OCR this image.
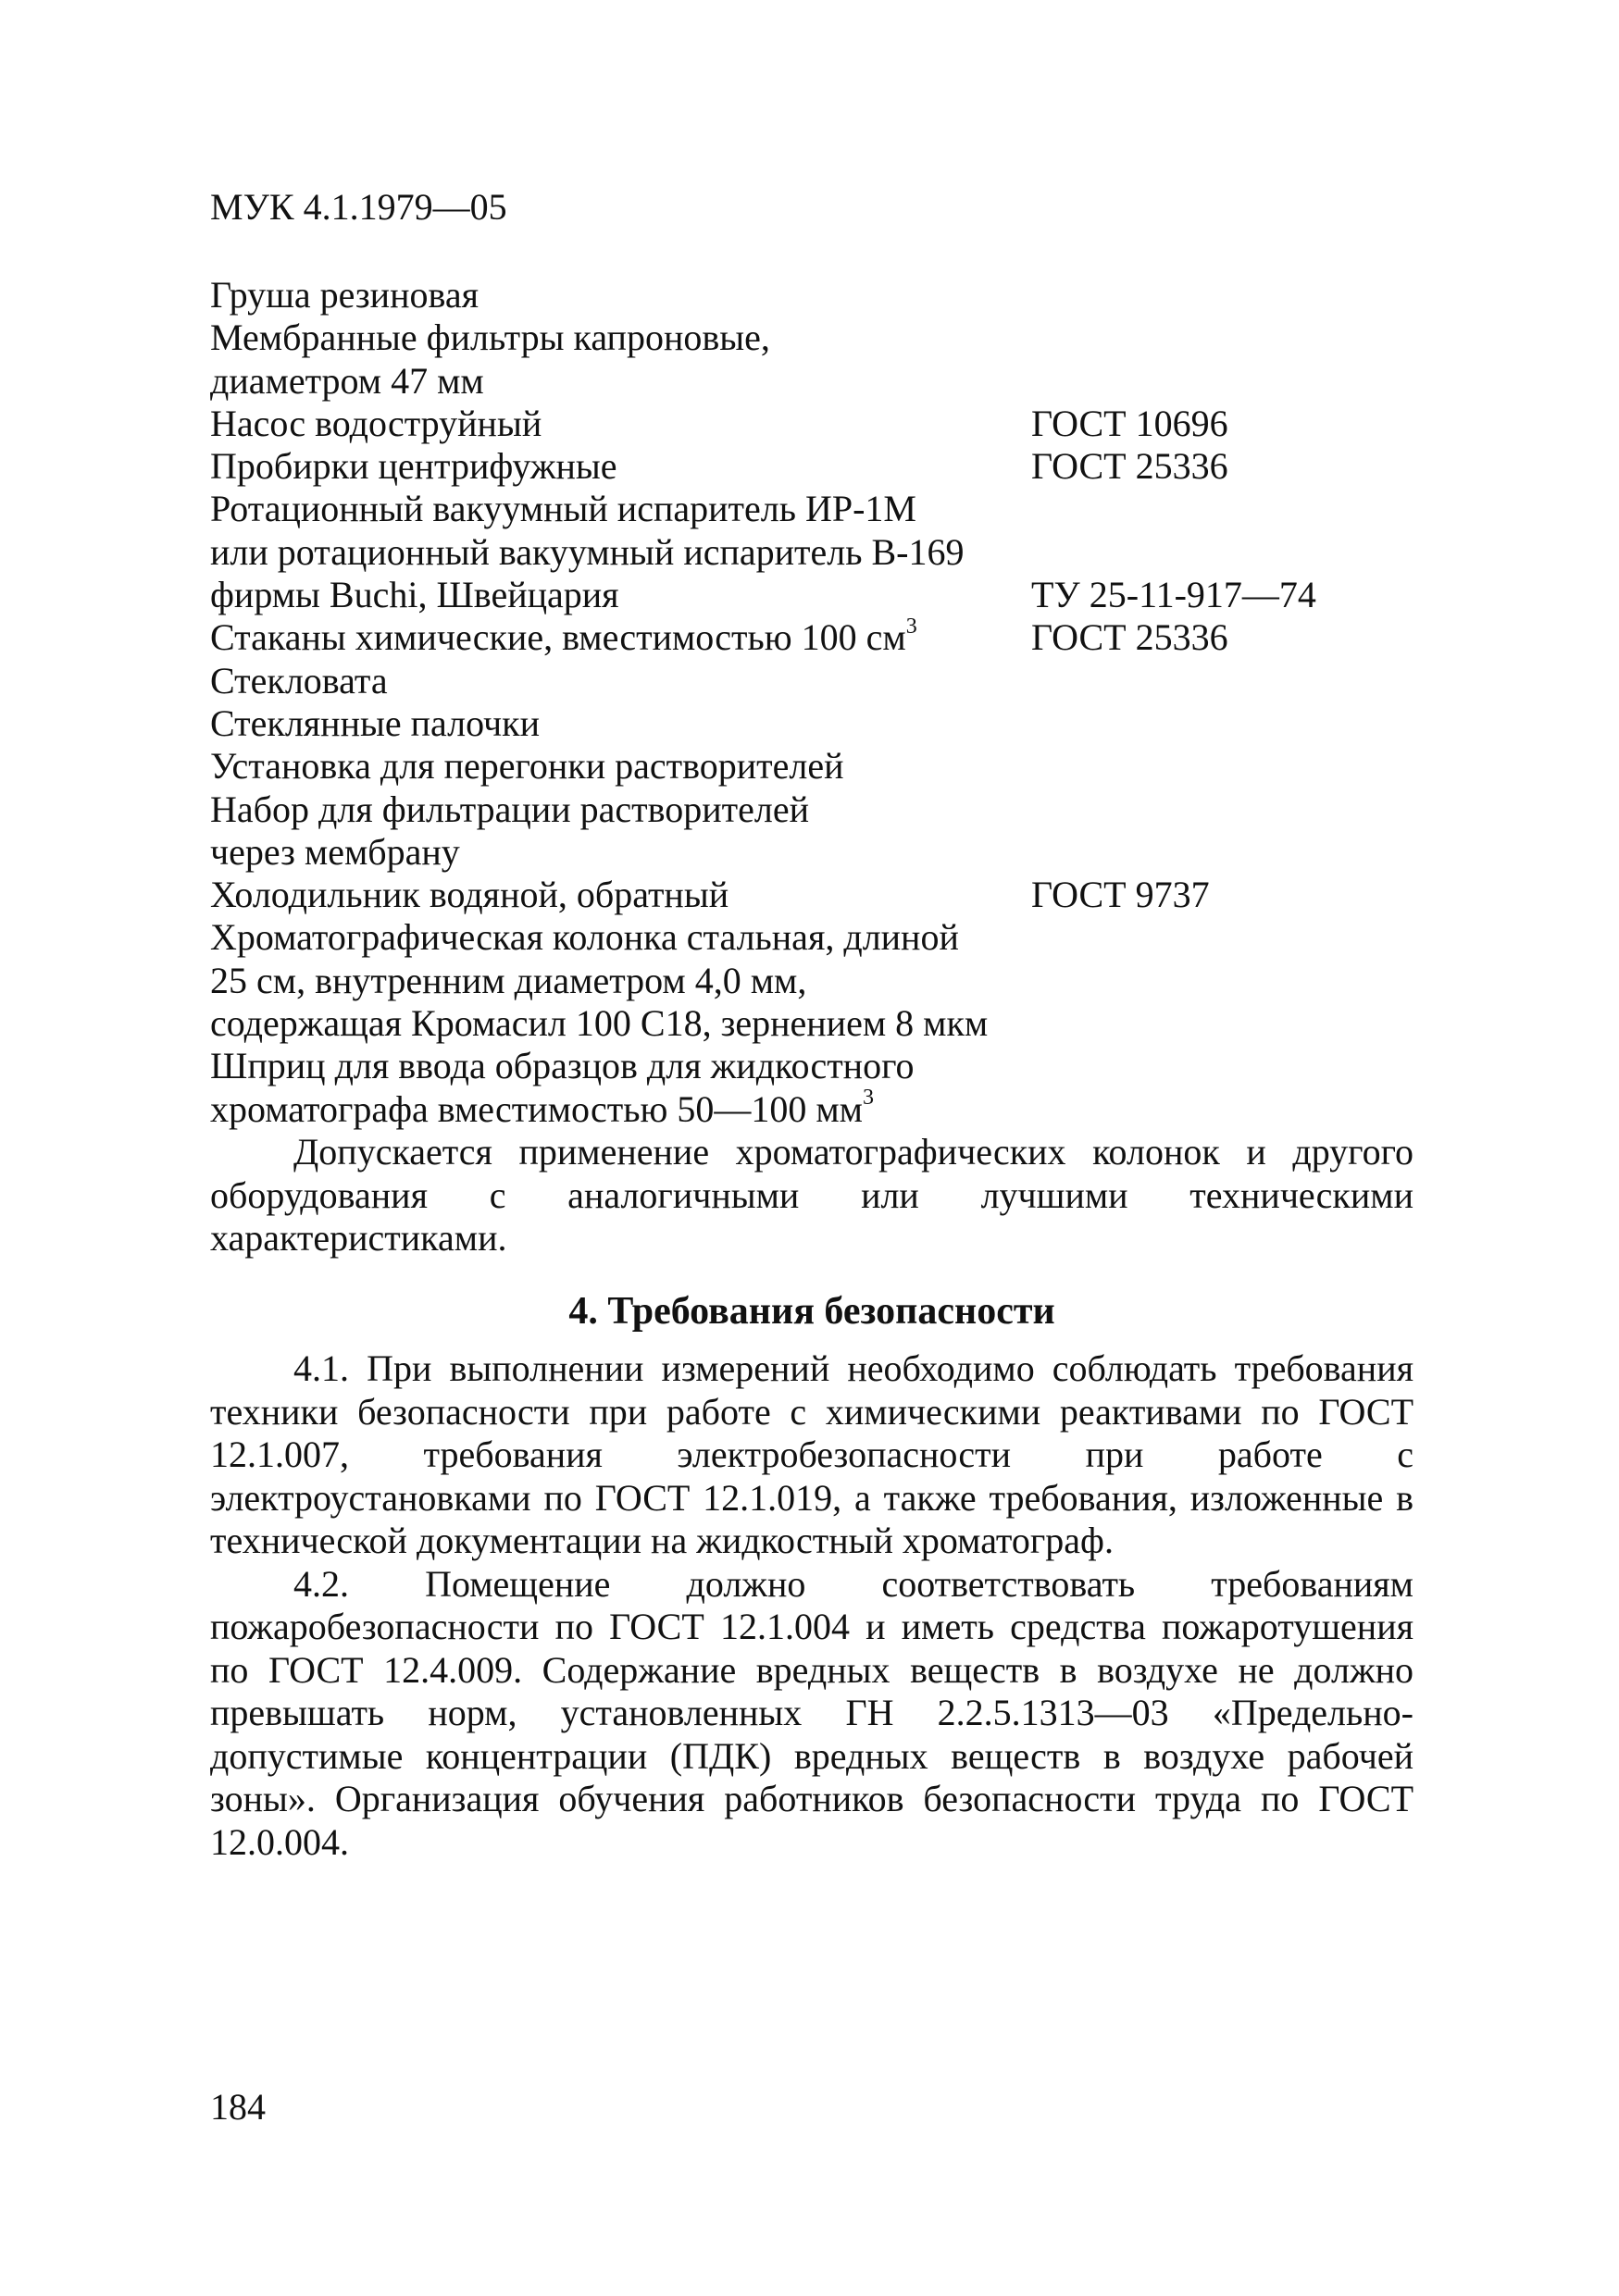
МУК 4.1.1979—05
Груша резиновая
Мембранные фильтры капроновые,
диаметром 47 мм
Насос водоструйный	ГОСТ 10696
Пробирки центрифужные	ГОСТ 25336
Ротационный вакуумный испаритель ИР-1М
или ротационный вакуумный испаритель В-169
фирмы Buchi, Швейцария	ТУ 25-11-917—74
Стаканы химические, вместимостью 100 $см^3$	ГОСТ 25336
Стекловата
Стеклянные палочки
Установка для перегонки растворителей
Набор для фильтрации растворителей
через мембрану
Холодильник водяной, обратный	ГОСТ 9737
Хроматографическая колонка стальная, длиной
25 см, внутренним диаметром 4,0 мм,
содержащая Кромасил 100 С18, зернением 8 мкм
Шприц для ввода образцов для жидкостного
хроматографа вместимостью 50—100 $мм^3$

Допускается применение хроматографических колонок и другого оборудования с аналогичными или лучшими техническими характеристиками.

4. Требования безопасности

4.1. При выполнении измерений необходимо соблюдать требования техники безопасности при работе с химическими реактивами по ГОСТ 12.1.007, требования электробезопасности при работе с электроустановками по ГОСТ 12.1.019, а также требования, изложенные в технической документации на жидкостный хроматограф.

4.2. Помещение должно соответствовать требованиям пожаробезопасности по ГОСТ 12.1.004 и иметь средства пожаротушения по ГОСТ 12.4.009. Содержание вредных веществ в воздухе не должно превышать норм, установленных ГН 2.2.5.1313—03 «Предельно-допустимые концентрации (ПДК) вредных веществ в воздухе рабочей зоны». Организация обучения работников безопасности труда по ГОСТ 12.0.004.

184
